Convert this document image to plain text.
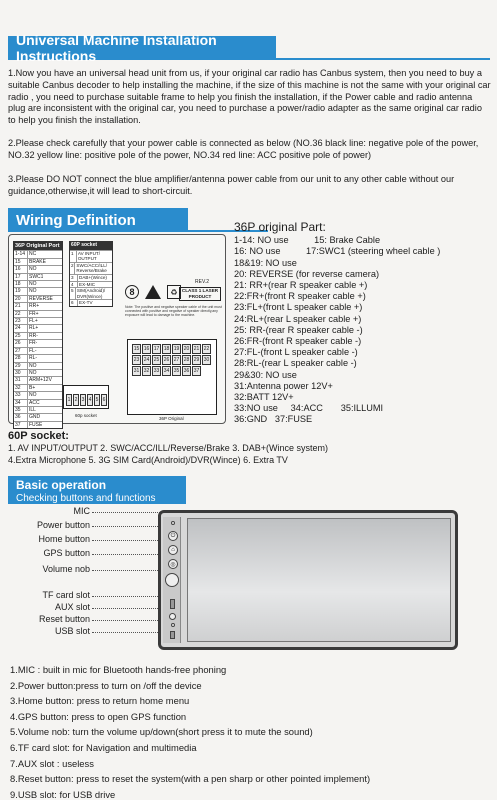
Universal Machine Installation Instructions
1.Now you have an universal head unit from us, if your original car radio has Canbus system, then you need to buy a suitable Canbus decoder to help installing the machine, if the size of this machine is not the same with your original car radio , you need to purchase suitable frame to help you finish the installation, if the Power cable and radio antenna plug are inconsistent with the original car, you need to purchase a power/radio adapter as the same original car radio to help you finish the installation.
2.Please check carefully that your power cable is connected as below (NO.36 black line: negative pole of the power, NO.32 yellow line: positive pole of the power, NO.34 red line: ACC positive pole of power)
3.Please DO NOT connect the blue amplifier/antenna power cable from our unit to any other cable without our guidance,otherwise,it will lead to short-circuit.
Wiring Definition
36P Original Port
1-14 NC
15	BRAKE
16	NO
17	SWC1
18	NO
19	NO
20	REVERSE
21	RR+
22	FR+
23	FL+
24	RL+
25	RR-
26	FR-
27	FL-
28	RL-
29	NO
30	NO
31	ARM+12V
32	B+
33	NO
34	ACC
35	ILL
36	GND
37	FUSE
60P socket
1 AV INPUT/ OUTPUT
2 SWC/ACC/ILL/ Reverse/Brake
3	DAB+(Wince)
4	EX-MIC
5 SIM(Android)/ DVR(Wince)
6	EX-TV
8	♻
REV.2
CLASS 1 LASER PRODUCT
Note: The positive and negative speaker cable of the unit must connected with positive and negative of speaker directly,any exposure will lead to damage to the machine.
15 16 17 18 19 20 21 22
23 24 25 26 27 28 29 30
31 32 33 34 35 36 37
36P Original
1 2 3 4 5 6
60p socket
36P original Part:
1-14: NO use          15: Brake Cable
16: NO use          17:SWC1 (steering wheel cable )
18&19: NO use
20: REVERSE (for reverse camera)
21: RR+(rear R speaker cable +)
22:FR+(front R speaker cable +)
23:FL+(front L speaker cable +)
24:RL+(rear L speaker cable +)
25: RR-(rear R speaker cable -)
26:FR-(front R speaker cable -)
27:FL-(front L speaker cable -)
28:RL-(rear L speaker cable -)
29&30: NO use
31:Antenna power 12V+
32:BATT 12V+
33:NO use     34:ACC       35:ILLUMI
36:GND   37:FUSE
60P socket:
1. AV INPUT/OUTPUT 2. SWC/ACC/ILL/Reverse/Brake 3. DAB+(Wince system)
4.Extra Microphone 5. 3G SIM Card(Android)/DVR(Wince) 6. Extra TV
Basic operation
Checking buttons and functions
MIC
Power button
Home button
GPS button
Volume nob
TF card slot
AUX slot
Reset button
USB slot
⏻
⌂
◎
1.MIC : built in mic for Bluetooth hands-free phoning
2.Power button:press to turn on /off the device
3.Home button: press to return home menu
4.GPS button: press to open GPS function
5.Volume nob: turn the volume up/down(short press it to mute the sound)
6.TF card slot: for Navigation and multimedia
7.AUX slot : useless
8.Reset button: press to reset the system(with a pen sharp or other pointed implement)
9.USB slot: for USB drive
